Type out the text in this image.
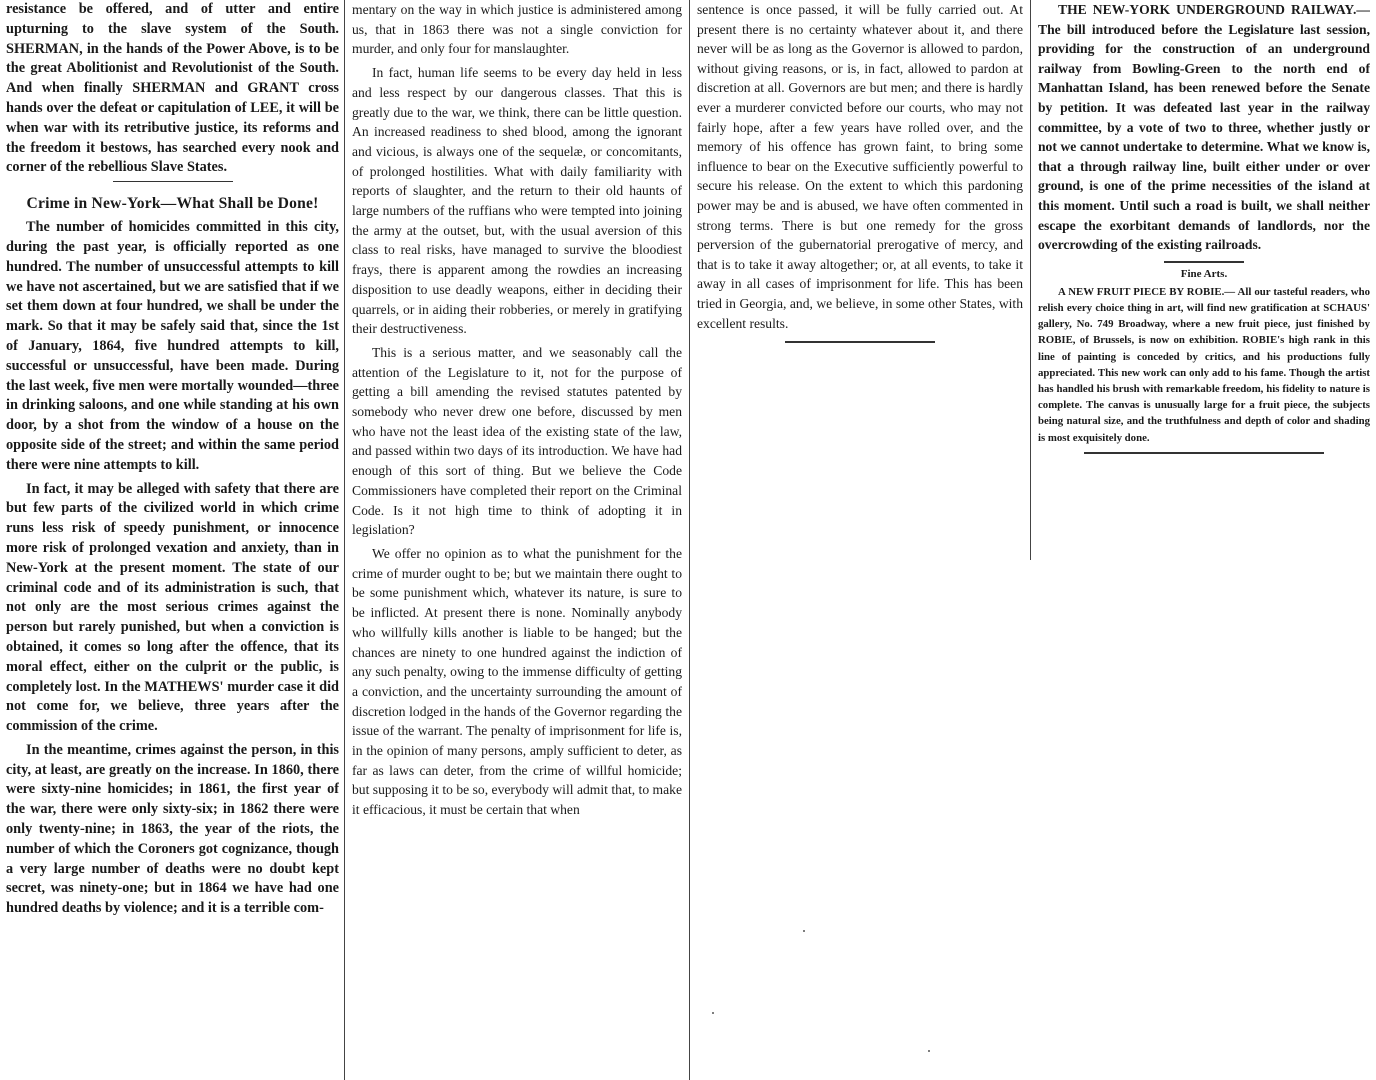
resistance be offered, and of utter and entire upturning to the slave system of the South. SHERMAN, in the hands of the Power Above, is to be the great Abolitionist and Revolutionist of the South. And when finally SHERMAN and GRANT cross hands over the defeat or capitulation of LEE, it will be when war with its retributive justice, its reforms and the freedom it bestows, has searched every nook and corner of the rebellious Slave States.

Crime in New-York—What Shall be Done!

The number of homicides committed in this city, during the past year, is officially reported as one hundred. The number of unsuccessful attempts to kill we have not ascertained, but we are satisfied that if we set them down at four hundred, we shall be under the mark. So that it may be safely said that, since the 1st of January, 1864, five hundred attempts to kill, successful or unsuccessful, have been made. During the last week, five men were mortally wounded—three in drinking saloons, and one while standing at his own door, by a shot from the window of a house on the opposite side of the street; and within the same period there were nine attempts to kill.

In fact, it may be alleged with safety that there are but few parts of the civilized world in which crime runs less risk of speedy punishment, or innocence more risk of prolonged vexation and anxiety, than in New-York at the present moment. The state of our criminal code and of its administration is such, that not only are the most serious crimes against the person but rarely punished, but when a conviction is obtained, it comes so long after the offence, that its moral effect, either on the culprit or the public, is completely lost. In the MATHEWS' murder case it did not come for, we believe, three years after the commission of the crime.

In the meantime, crimes against the person, in this city, at least, are greatly on the increase. In 1860, there were sixty-nine homicides; in 1861, the first year of the war, there were only sixty-six; in 1862 there were only twenty-nine; in 1863, the year of the riots, the number of which the Coroners got cognizance, though a very large number of deaths were no doubt kept secret, was ninety-one; but in 1864 we have had one hundred deaths by violence; and it is a terrible com-

mentary on the way in which justice is administered among us, that in 1863 there was not a single conviction for murder, and only four for manslaughter.

In fact, human life seems to be every day held in less and less respect by our dangerous classes. That this is greatly due to the war, we think, there can be little question. An increased readiness to shed blood, among the ignorant and vicious, is always one of the sequelæ, or concomitants, of prolonged hostilities. What with daily familiarity with reports of slaughter, and the return to their old haunts of large numbers of the ruffians who were tempted into joining the army at the outset, but, with the usual aversion of this class to real risks, have managed to survive the bloodiest frays, there is apparent among the rowdies an increasing disposition to use deadly weapons, either in deciding their quarrels, or in aiding their robberies, or merely in gratifying their destructiveness.

This is a serious matter, and we seasonably call the attention of the Legislature to it, not for the purpose of getting a bill amending the revised statutes patented by somebody who never drew one before, discussed by men who have not the least idea of the existing state of the law, and passed within two days of its introduction. We have had enough of this sort of thing. But we believe the Code Commissioners have completed their report on the Criminal Code. Is it not high time to think of adopting it in legislation?

We offer no opinion as to what the punishment for the crime of murder ought to be; but we maintain there ought to be some punishment which, whatever its nature, is sure to be inflicted. At present there is none. Nominally anybody who willfully kills another is liable to be hanged; but the chances are ninety to one hundred against the indiction of any such penalty, owing to the immense difficulty of getting a conviction, and the uncertainty surrounding the amount of discretion lodged in the hands of the Governor regarding the issue of the warrant. The penalty of imprisonment for life is, in the opinion of many persons, amply sufficient to deter, as far as laws can deter, from the crime of willful homicide; but supposing it to be so, everybody will admit that, to make it efficacious, it must be certain that when

sentence is once passed, it will be fully carried out. At present there is no certainty whatever about it, and there never will be as long as the Governor is allowed to pardon, without giving reasons, or is, in fact, allowed to pardon at discretion at all. Governors are but men; and there is hardly ever a murderer convicted before our courts, who may not fairly hope, after a few years have rolled over, and the memory of his offence has grown faint, to bring some influence to bear on the Executive sufficiently powerful to secure his release. On the extent to which this pardoning power may be and is abused, we have often commented in strong terms. There is but one remedy for the gross perversion of the gubernatorial prerogative of mercy, and that is to take it away altogether; or, at all events, to take it away in all cases of imprisonment for life. This has been tried in Georgia, and, we believe, in some other States, with excellent results.

THE NEW-YORK UNDERGROUND RAILWAY.— The bill introduced before the Legislature last session, providing for the construction of an underground railway from Bowling-Green to the north end of Manhattan Island, has been renewed before the Senate by petition. It was defeated last year in the railway committee, by a vote of two to three, whether justly or not we cannot undertake to determine. What we know is, that a through railway line, built either under or over ground, is one of the prime necessities of the island at this moment. Until such a road is built, we shall neither escape the exorbitant demands of landlords, nor the overcrowding of the existing railroads.

Fine Arts.

A NEW FRUIT PIECE BY ROBIE.— All our tasteful readers, who relish every choice thing in art, will find new gratification at SCHAUS' gallery, No. 749 Broadway, where a new fruit piece, just finished by ROBIE, of Brussels, is now on exhibition. ROBIE's high rank in this line of painting is conceded by critics, and his productions fully appreciated. This new work can only add to his fame. Though the artist has handled his brush with remarkable freedom, his fidelity to nature is complete. The canvas is unusually large for a fruit piece, the subjects being natural size, and the truthfulness and depth of color and shading is most exquisitely done.
